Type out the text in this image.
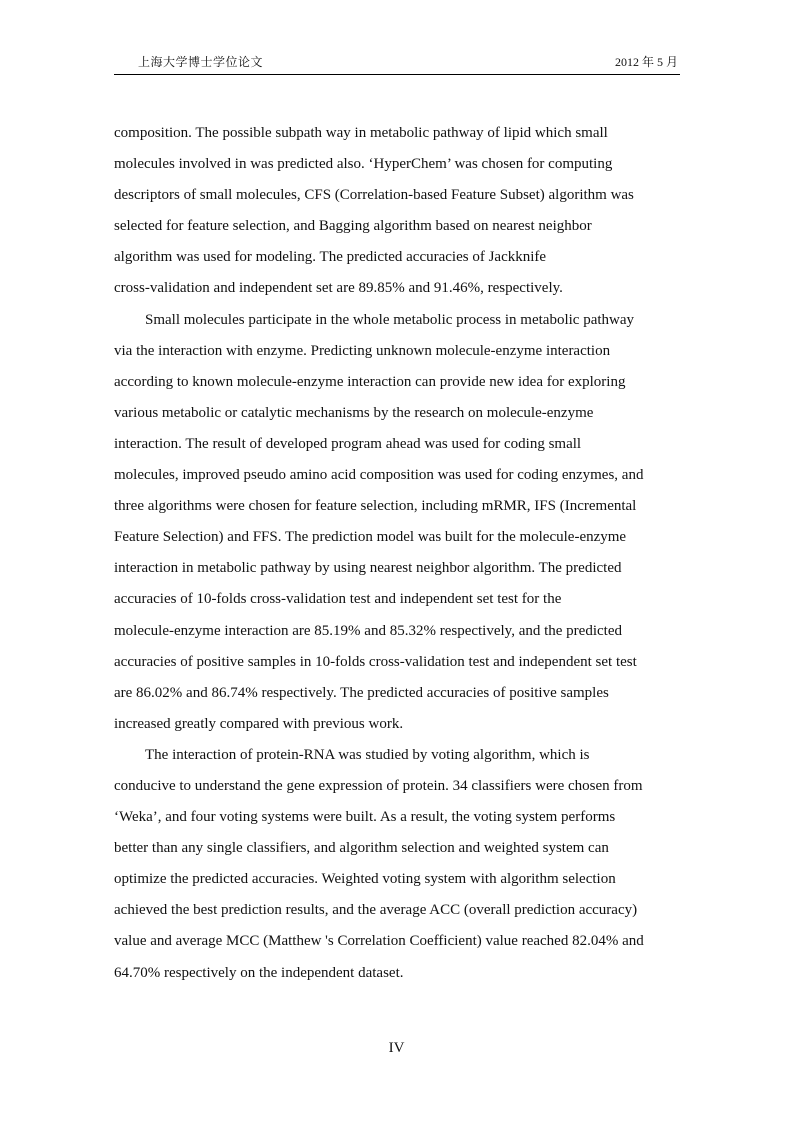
上海大学博士学位论文	2012 年 5 月

composition. The possible subpath way in metabolic pathway of lipid which small
molecules involved in was predicted also. ‘HyperChem’ was chosen for computing
descriptors of small molecules, CFS (Correlation-based Feature Subset) algorithm was
selected for feature selection, and Bagging algorithm based on nearest neighbor
algorithm was used for modeling. The predicted accuracies of Jackknife
cross-validation and independent set are 89.85% and 91.46%, respectively.

Small molecules participate in the whole metabolic process in metabolic pathway
via the interaction with enzyme. Predicting unknown molecule-enzyme interaction
according to known molecule-enzyme interaction can provide new idea for exploring
various metabolic or catalytic mechanisms by the research on molecule-enzyme
interaction. The result of developed program ahead was used for coding small
molecules, improved pseudo amino acid composition was used for coding enzymes, and
three algorithms were chosen for feature selection, including mRMR, IFS (Incremental
Feature Selection) and FFS. The prediction model was built for the molecule-enzyme
interaction in metabolic pathway by using nearest neighbor algorithm. The predicted
accuracies of 10-folds cross-validation test and independent set test for the
molecule-enzyme interaction are 85.19% and 85.32% respectively, and the predicted
accuracies of positive samples in 10-folds cross-validation test and independent set test
are 86.02% and 86.74% respectively. The predicted accuracies of positive samples
increased greatly compared with previous work.

The interaction of protein-RNA was studied by voting algorithm, which is
conducive to understand the gene expression of protein. 34 classifiers were chosen from
‘Weka’, and four voting systems were built. As a result, the voting system performs
better than any single classifiers, and algorithm selection and weighted system can
optimize the predicted accuracies. Weighted voting system with algorithm selection
achieved the best prediction results, and the average ACC (overall prediction accuracy)
value and average MCC (Matthew 's Correlation Coefficient) value reached 82.04% and
64.70% respectively on the independent dataset.

IV
